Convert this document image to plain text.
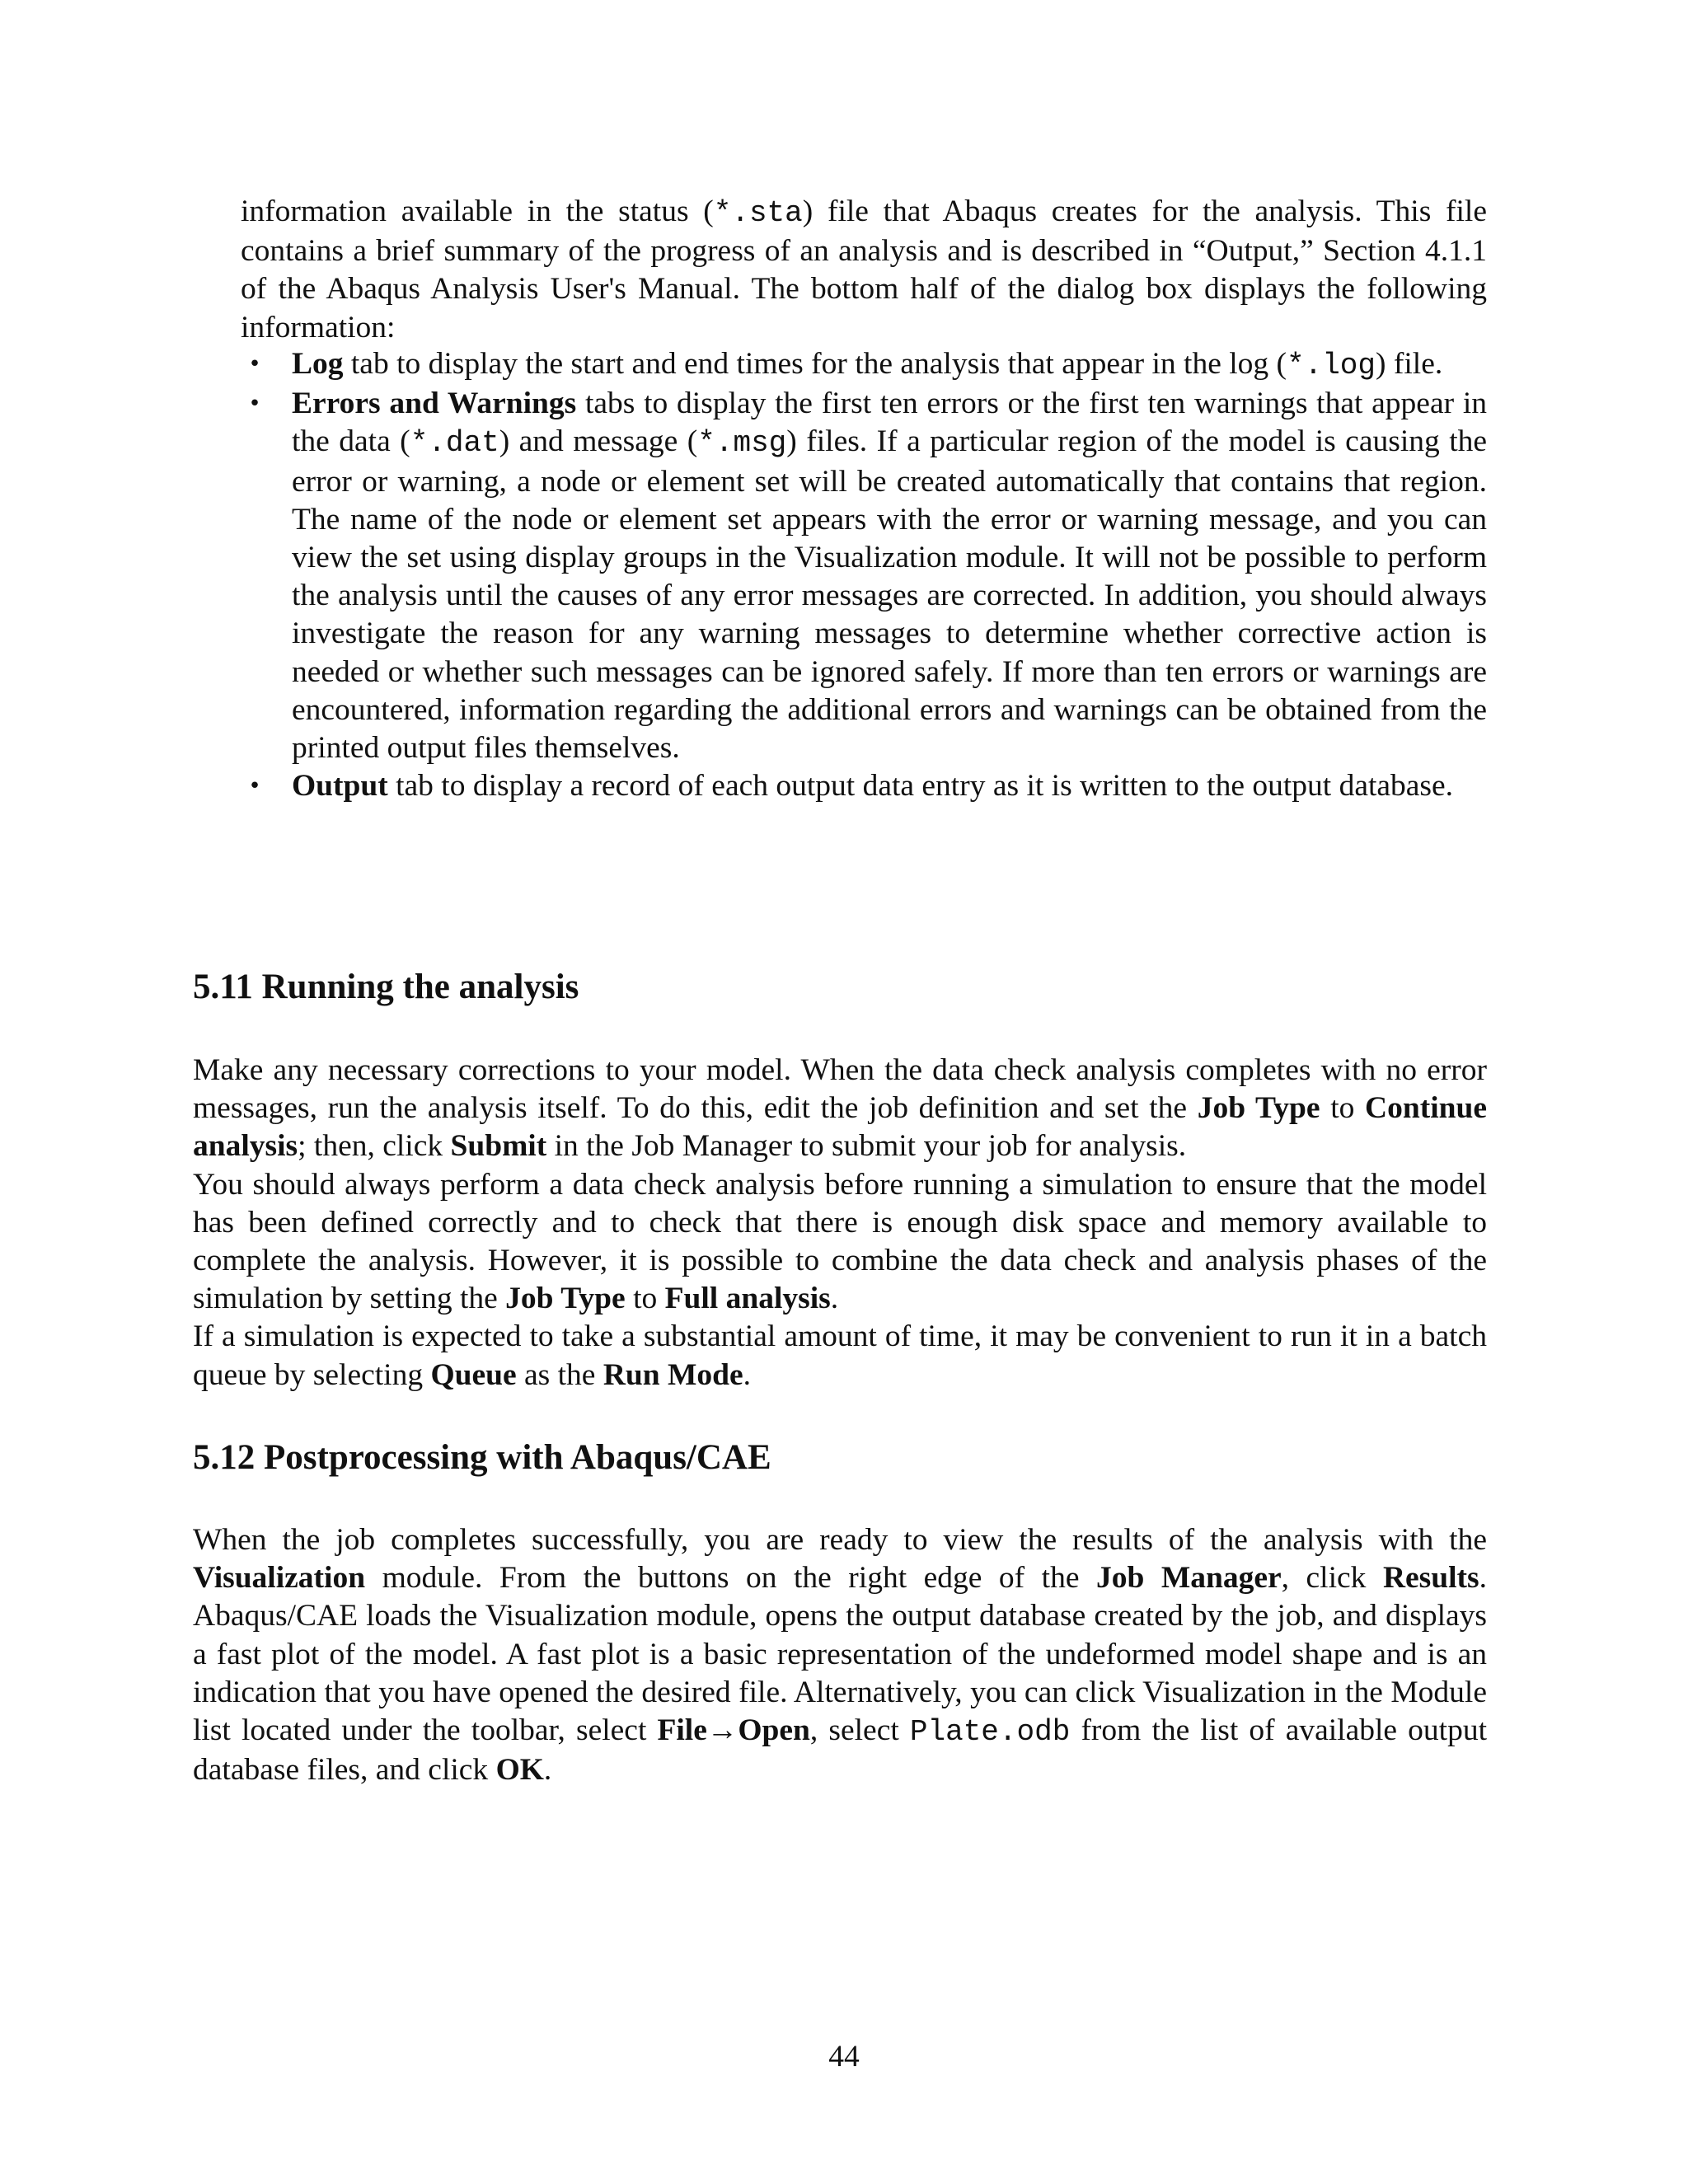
information available in the status (*.sta) file that Abaqus creates for the analysis. This file contains a brief summary of the progress of an analysis and is described in “Output,” Section 4.1.1 of the Abaqus Analysis User's Manual. The bottom half of the dialog box displays the following information:

• Log tab to display the start and end times for the analysis that appear in the log (*.log) file.
• Errors and Warnings tabs to display the first ten errors or the first ten warnings that appear in the data (*.dat) and message (*.msg) files. If a particular region of the model is causing the error or warning, a node or element set will be created automatically that contains that region. The name of the node or element set appears with the error or warning message, and you can view the set using display groups in the Visualization module. It will not be possible to perform the analysis until the causes of any error messages are corrected. In addition, you should always investigate the reason for any warning messages to determine whether corrective action is needed or whether such messages can be ignored safely. If more than ten errors or warnings are encountered, information regarding the additional errors and warnings can be obtained from the printed output files themselves.
• Output tab to display a record of each output data entry as it is written to the output database.
5.11 Running the analysis
Make any necessary corrections to your model. When the data check analysis completes with no error messages, run the analysis itself. To do this, edit the job definition and set the Job Type to Continue analysis; then, click Submit in the Job Manager to submit your job for analysis.
You should always perform a data check analysis before running a simulation to ensure that the model has been defined correctly and to check that there is enough disk space and memory available to complete the analysis. However, it is possible to combine the data check and analysis phases of the simulation by setting the Job Type to Full analysis.
If a simulation is expected to take a substantial amount of time, it may be convenient to run it in a batch queue by selecting Queue as the Run Mode.
5.12 Postprocessing with Abaqus/CAE
When the job completes successfully, you are ready to view the results of the analysis with the Visualization module. From the buttons on the right edge of the Job Manager, click Results. Abaqus/CAE loads the Visualization module, opens the output database created by the job, and displays a fast plot of the model. A fast plot is a basic representation of the undeformed model shape and is an indication that you have opened the desired file. Alternatively, you can click Visualization in the Module list located under the toolbar, select File→Open, select Plate.odb from the list of available output database files, and click OK.
44
